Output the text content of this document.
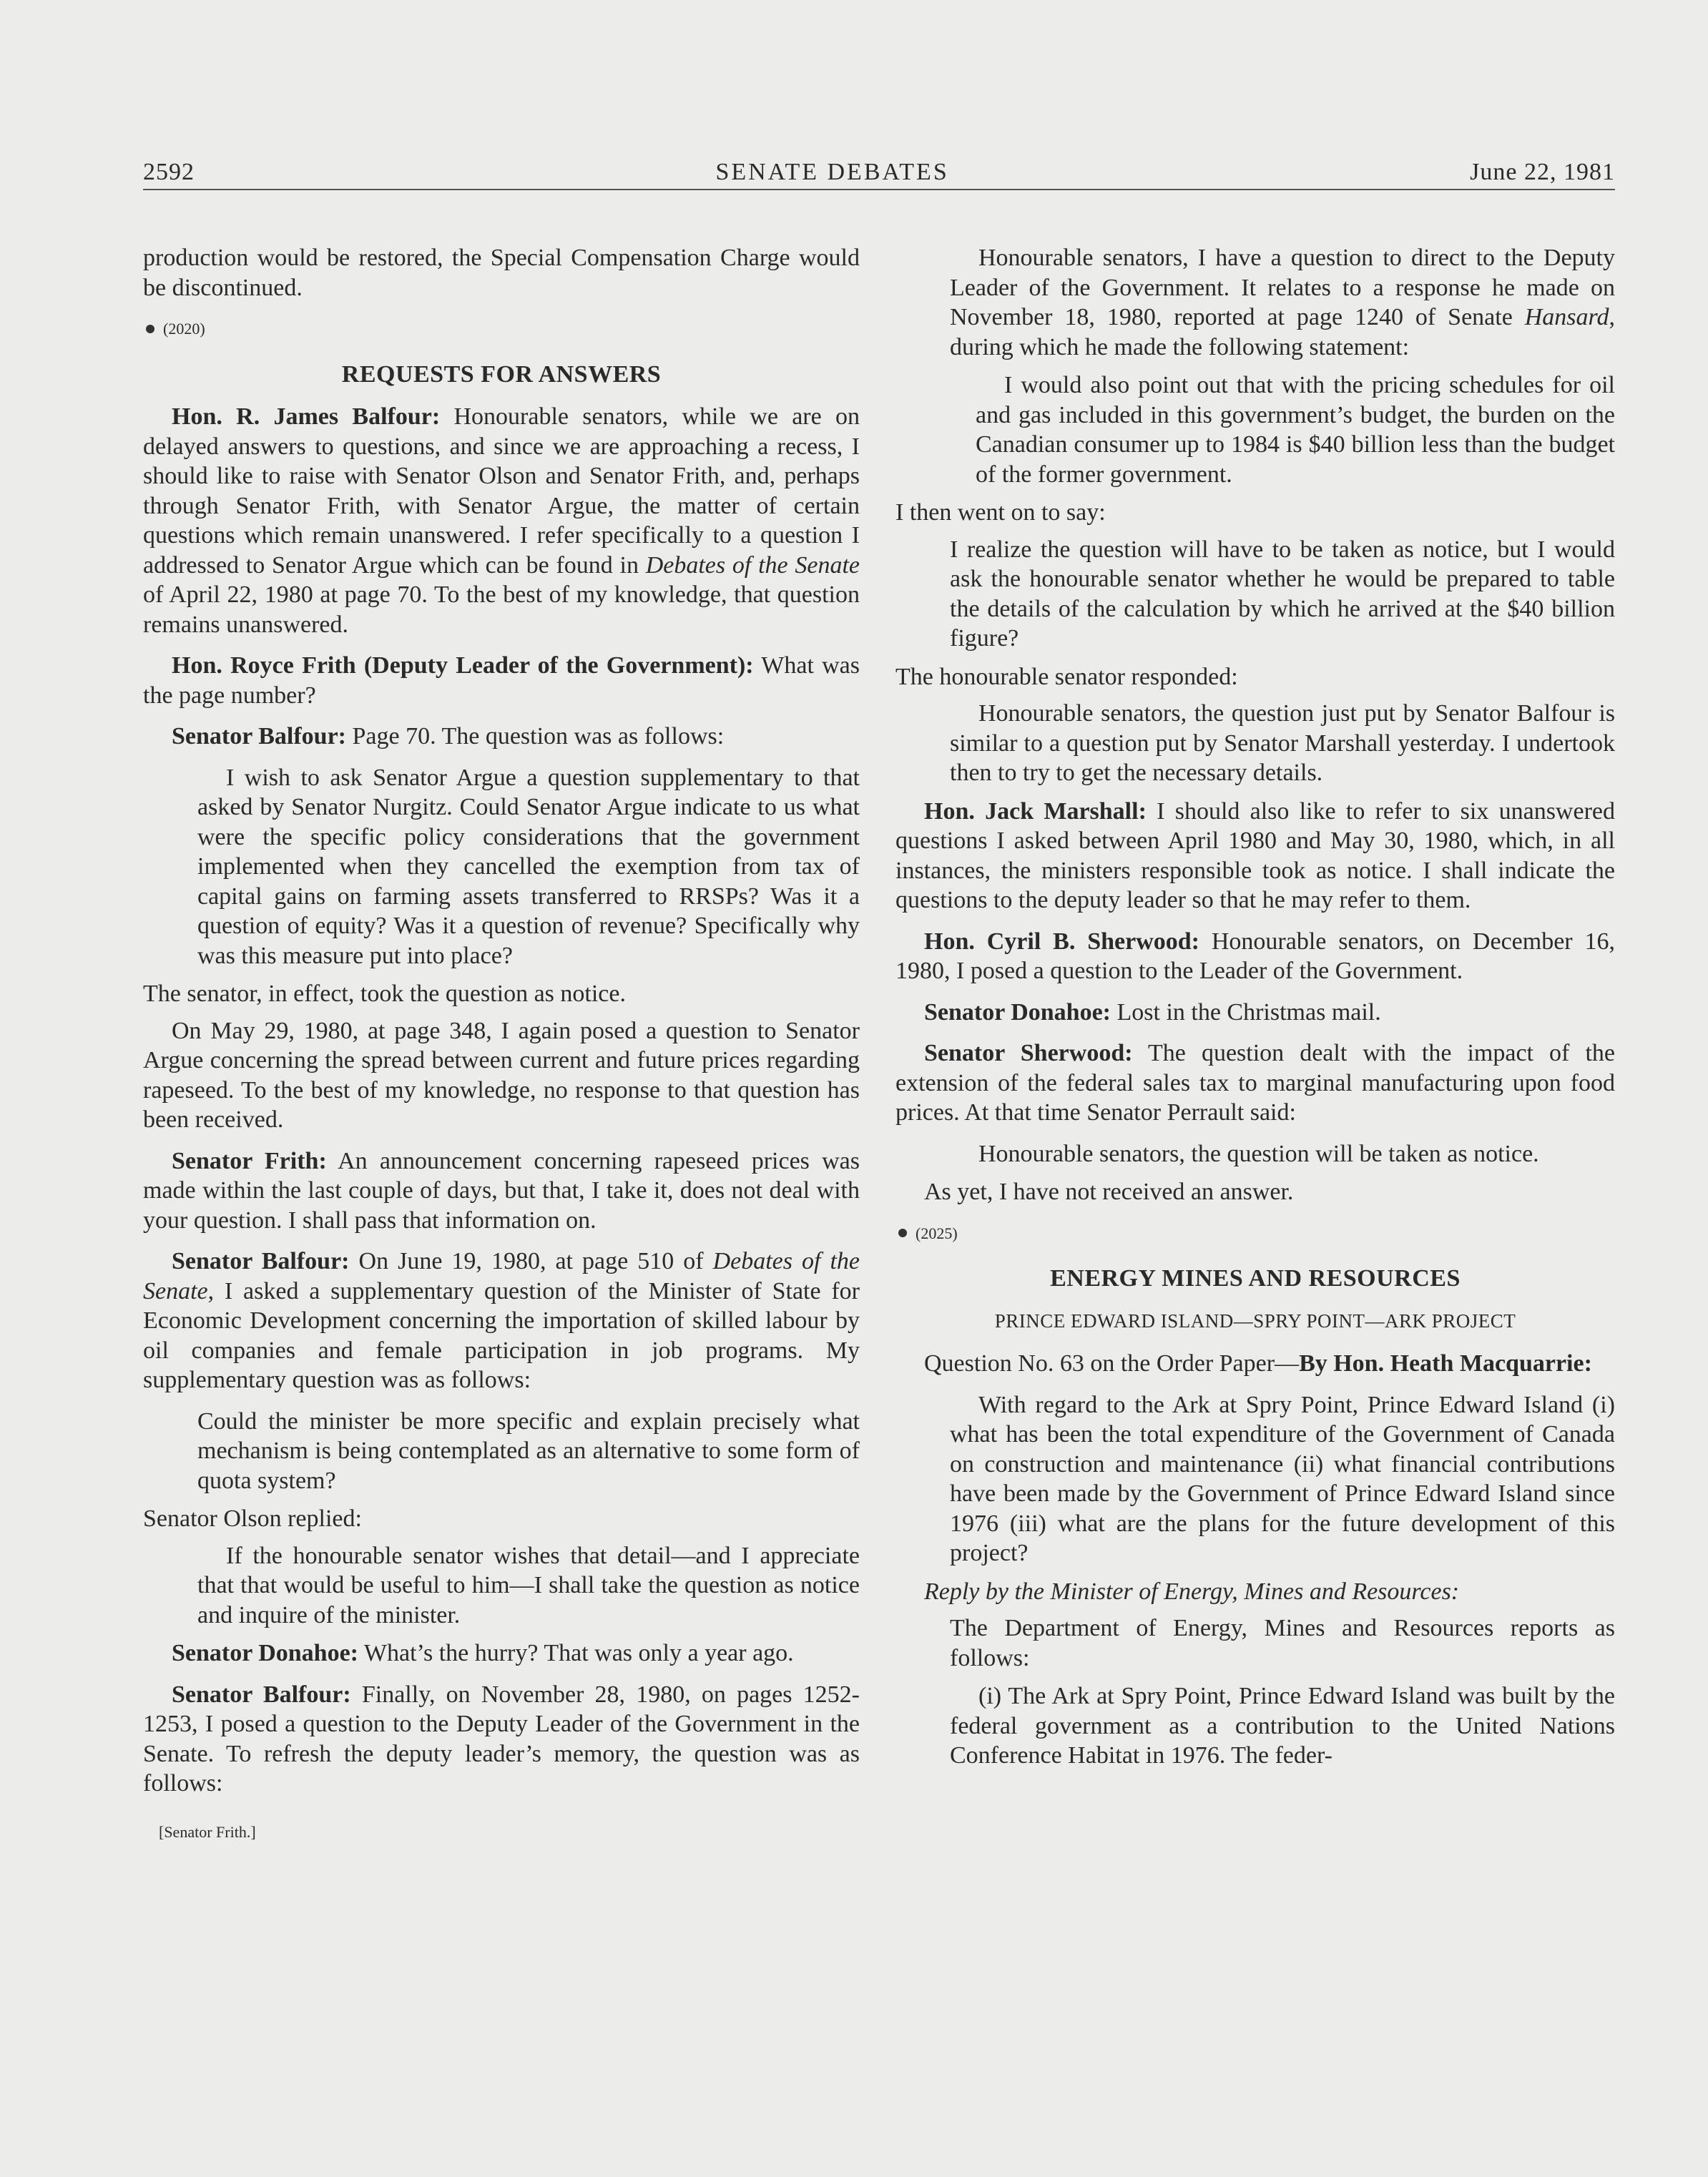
2592	SENATE DEBATES	June 22, 1981

production would be restored, the Special Compensation Charge would be discontinued.

(2020)
REQUESTS FOR ANSWERS

Hon. R. James Balfour: Honourable senators, while we are on delayed answers to questions, and since we are approaching a recess, I should like to raise with Senator Olson and Senator Frith, and, perhaps through Senator Frith, with Senator Argue, the matter of certain questions which remain unanswered. I refer specifically to a question I addressed to Senator Argue which can be found in Debates of the Senate of April 22, 1980 at page 70. To the best of my knowledge, that question remains unanswered.

Hon. Royce Frith (Deputy Leader of the Government): What was the page number?

Senator Balfour: Page 70. The question was as follows:

I wish to ask Senator Argue a question supplementary to that asked by Senator Nurgitz. Could Senator Argue indicate to us what were the specific policy considerations that the government implemented when they cancelled the exemption from tax of capital gains on farming assets transferred to RRSPs? Was it a question of equity? Was it a question of revenue? Specifically why was this measure put into place?

The senator, in effect, took the question as notice.

On May 29, 1980, at page 348, I again posed a question to Senator Argue concerning the spread between current and future prices regarding rapeseed. To the best of my knowledge, no response to that question has been received.

Senator Frith: An announcement concerning rapeseed prices was made within the last couple of days, but that, I take it, does not deal with your question. I shall pass that information on.

Senator Balfour: On June 19, 1980, at page 510 of Debates of the Senate, I asked a supplementary question of the Minister of State for Economic Development concerning the importation of skilled labour by oil companies and female participation in job programs. My supplementary question was as follows:

Could the minister be more specific and explain precisely what mechanism is being contemplated as an alternative to some form of quota system?

Senator Olson replied:

If the honourable senator wishes that detail—and I appreciate that that would be useful to him—I shall take the question as notice and inquire of the minister.

Senator Donahoe: What’s the hurry? That was only a year ago.

Senator Balfour: Finally, on November 28, 1980, on pages 1252-1253, I posed a question to the Deputy Leader of the Government in the Senate. To refresh the deputy leader’s memory, the question was as follows:

[Senator Frith.]

Honourable senators, I have a question to direct to the Deputy Leader of the Government. It relates to a response he made on November 18, 1980, reported at page 1240 of Senate Hansard, during which he made the following statement:

I would also point out that with the pricing schedules for oil and gas included in this government’s budget, the burden on the Canadian consumer up to 1984 is $40 billion less than the budget of the former government.

I then went on to say:

I realize the question will have to be taken as notice, but I would ask the honourable senator whether he would be prepared to table the details of the calculation by which he arrived at the $40 billion figure?

The honourable senator responded:

Honourable senators, the question just put by Senator Balfour is similar to a question put by Senator Marshall yesterday. I undertook then to try to get the necessary details.

Hon. Jack Marshall: I should also like to refer to six unanswered questions I asked between April 1980 and May 30, 1980, which, in all instances, the ministers responsible took as notice. I shall indicate the questions to the deputy leader so that he may refer to them.

Hon. Cyril B. Sherwood: Honourable senators, on December 16, 1980, I posed a question to the Leader of the Government.

Senator Donahoe: Lost in the Christmas mail.

Senator Sherwood: The question dealt with the impact of the extension of the federal sales tax to marginal manufacturing upon food prices. At that time Senator Perrault said:

Honourable senators, the question will be taken as notice.

As yet, I have not received an answer.

(2025)
ENERGY MINES AND RESOURCES
PRINCE EDWARD ISLAND—SPRY POINT—ARK PROJECT

Question No. 63 on the Order Paper—By Hon. Heath Macquarrie:

With regard to the Ark at Spry Point, Prince Edward Island (i) what has been the total expenditure of the Government of Canada on construction and maintenance (ii) what financial contributions have been made by the Government of Prince Edward Island since 1976 (iii) what are the plans for the future development of this project?

Reply by the Minister of Energy, Mines and Resources:

The Department of Energy, Mines and Resources reports as follows:

(i) The Ark at Spry Point, Prince Edward Island was built by the federal government as a contribution to the United Nations Conference Habitat in 1976. The feder-
